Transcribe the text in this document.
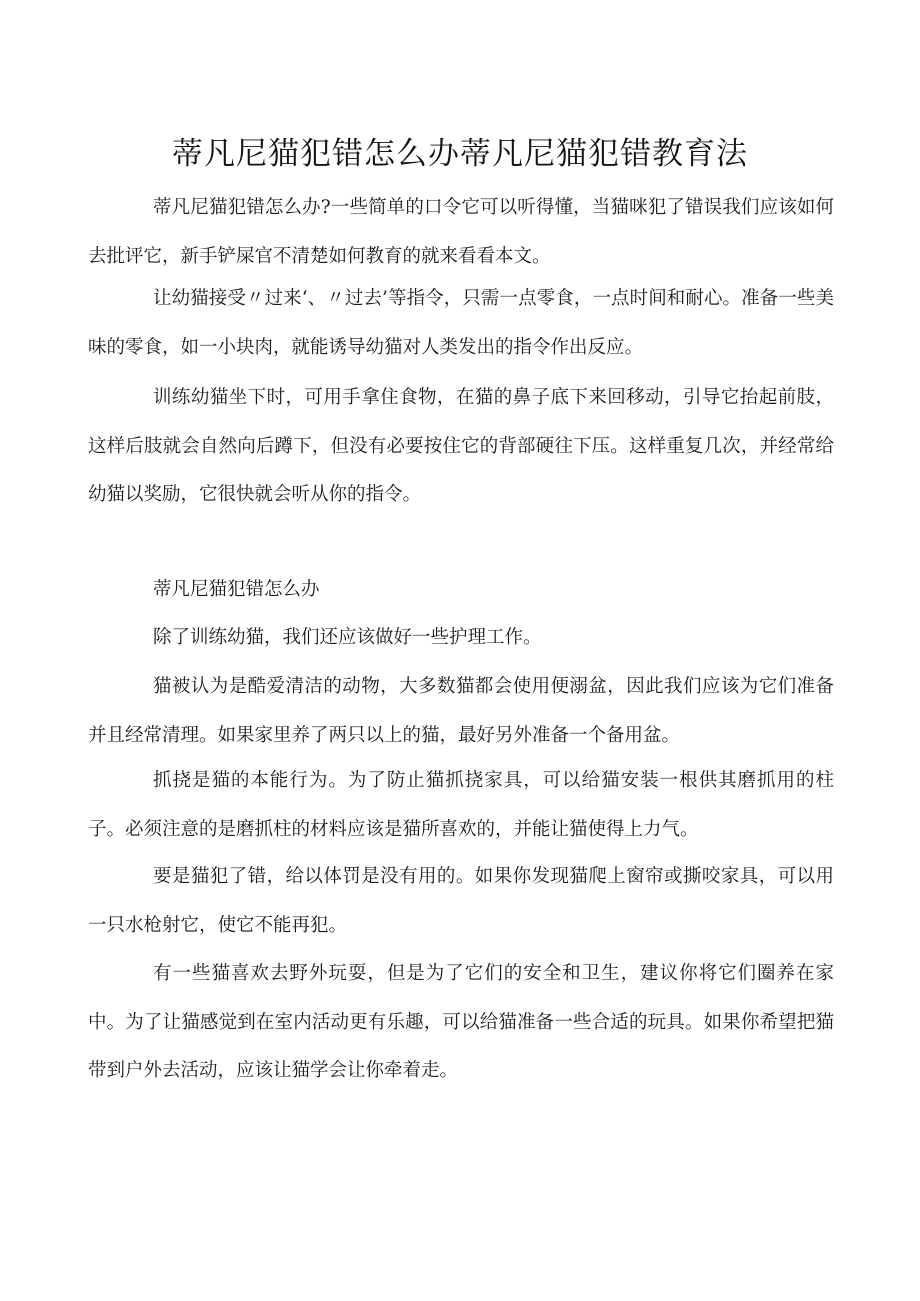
蒂凡尼猫犯错怎么办蒂凡尼猫犯错教育法

蒂凡尼猫犯错怎么办?一些简单的口令它可以听得懂，当猫咪犯了错误我们应该如何去批评它，新手铲屎官不清楚如何教育的就来看看本文。

让幼猫接受〃过来‘、〃过去’等指令，只需一点零食，一点时间和耐心。准备一些美味的零食，如一小块肉，就能诱导幼猫对人类发出的指令作出反应。

训练幼猫坐下时，可用手拿住食物，在猫的鼻子底下来回移动，引导它抬起前肢，这样后肢就会自然向后蹲下，但没有必要按住它的背部硬往下压。这样重复几次，并经常给幼猫以奖励，它很快就会听从你的指令。

蒂凡尼猫犯错怎么办

除了训练幼猫，我们还应该做好一些护理工作。

猫被认为是酷爱清洁的动物，大多数猫都会使用便溺盆，因此我们应该为它们准备并且经常清理。如果家里养了两只以上的猫，最好另外准备一个备用盆。

抓挠是猫的本能行为。为了防止猫抓挠家具，可以给猫安装一根供其磨抓用的柱子。必须注意的是磨抓柱的材料应该是猫所喜欢的，并能让猫使得上力气。

要是猫犯了错，给以体罚是没有用的。如果你发现猫爬上窗帘或撕咬家具，可以用一只水枪射它，使它不能再犯。

有一些猫喜欢去野外玩耍，但是为了它们的安全和卫生，建议你将它们圈养在家中。为了让猫感觉到在室内活动更有乐趣，可以给猫准备一些合适的玩具。如果你希望把猫带到户外去活动，应该让猫学会让你牵着走。
